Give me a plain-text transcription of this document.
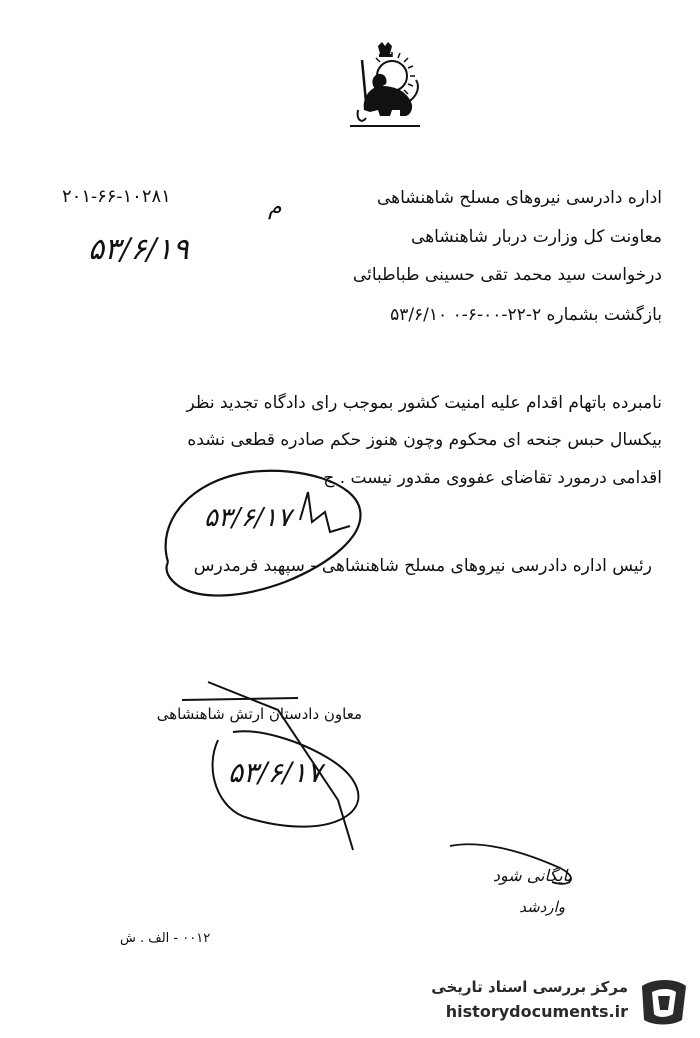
اداره دادرسی نیروهای مسلح شاهنشاهی
۲۰۱-۶۶-۱۰۲۸۱	م
معاونت کل وزارت دربار شاهنشاهی
۵۳/۶/۱۹
درخواست سید محمد تقی حسینی طباطبائی
بازگشت بشماره ۲-۲۲-۰۰-۶-۰ ۵۳/۶/۱۰
نامبرده باتهام اقدام علیه امنیت کشور بموجب رای دادگاه تجدید نظر
بیکسال حبس جنحه ای محکوم وچون هنوز حکم صادره قطعی نشده
اقدامی درمورد تقاضای عفووی مقدور نیست . ج
۵۳/۶/۱۷
رئیس اداره دادرسی نیروهای مسلح شاهنشاهی - سپهبد فرمدرس
معاون دادستان ارتش شاهنشاهی
۵۳/۶/۱۷
بایگانی شود
واردشد
۰۰۱۲ - الف . ش
مرکز بررسی اسناد تاریخی
historydocuments.ir
